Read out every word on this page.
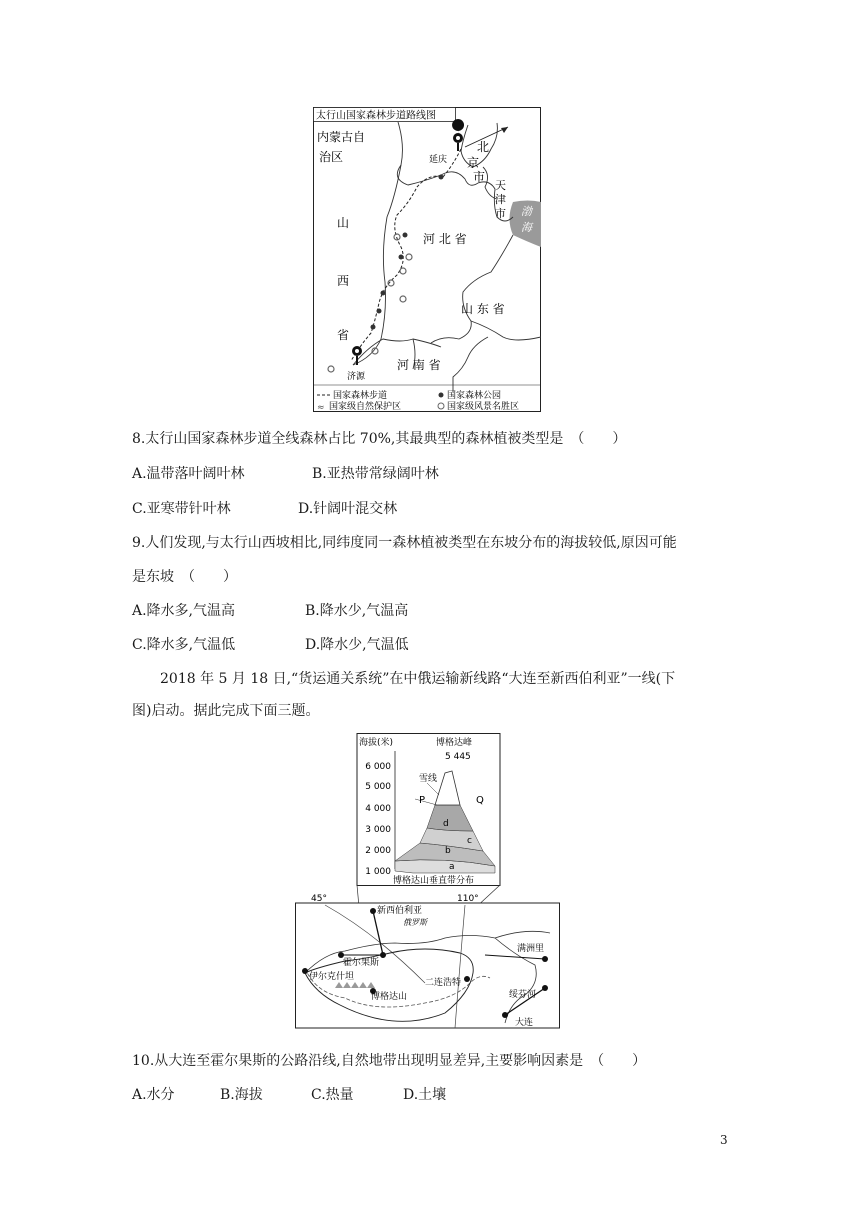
太行山国家森林步道路线图
内蒙古自
治区
山
西
省
河 北 省
山 东 省
河 南 省
北
京
市
天
津
市 渤
海
延庆
济源
国家森林步道	国家森林公园
≈ 国家级自然保护区	国家级风景名胜区
8.太行山国家森林步道全线森林占比 70%,其最典型的森林植被类型是　（　　）
A.温带落叶阔叶林	B.亚热带常绿阔叶林
C.亚寒带针叶林	D.针阔叶混交林
9.人们发现,与太行山西坡相比,同纬度同一森林植被类型在东坡分布的海拔较低,原因可能
是东坡　（　　）
A.降水多,气温高	B.降水少,气温高
C.降水多,气温低	D.降水少,气温低
2018 年 5 月 18 日,“货运通关系统”在中俄运输新线路“大连至新西伯利亚”一线(下
图)启动。据此完成下面三题。
海拔(米)	博格达峰
5 445
6 000
5 000
4 000
3 000
2 000
1 000
雪线
P	Q
d
c
b
a
博格达山垂直带分布
45°	110°
新西伯利亚
俄罗斯
满洲里
霍尔果斯
伊尔克什坦
博格达山
二连浩特
绥芬河
大连
10.从大连至霍尔果斯的公路沿线,自然地带出现明显差异,主要影响因素是　（　　）
A.水分	B.海拔	C.热量	D.土壤
3
